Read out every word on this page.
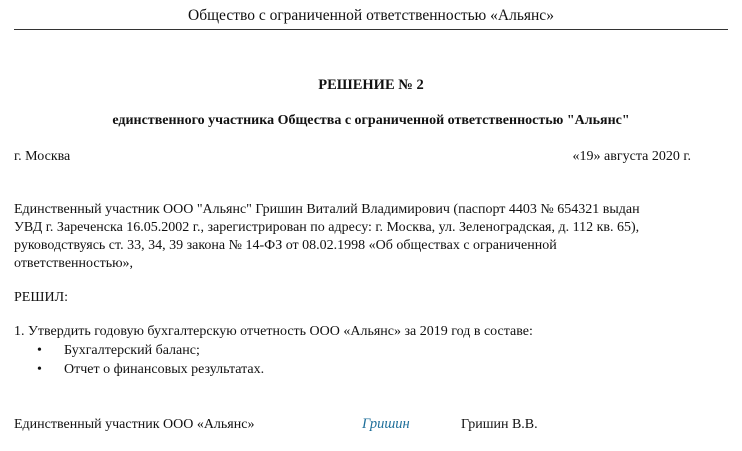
Общество с ограниченной ответственностью «Альянс»
РЕШЕНИЕ № 2
единственного участника Общества с ограниченной ответственностью "Альянс"
г. Москва	«19» августа 2020 г.
Единственный участник ООО "Альянс" Гришин Виталий Владимирович (паспорт 4403 № 654321 выдан
УВД г. Зареченска 16.05.2002 г., зарегистрирован по адресу: г. Москва, ул. Зеленоградская, д. 112 кв. 65),
руководствуясь ст. 33, 34, 39 закона № 14-ФЗ от 08.02.1998 «Об обществах с ограниченной
ответственностью»,
РЕШИЛ:
1. Утвердить годовую бухгалтерскую отчетность ООО «Альянс» за 2019 год в составе:
• Бухгалтерский баланс;
• Отчет о финансовых результатах.
Единственный участник ООО «Альянс»	Гришин	Гришин В.В.
